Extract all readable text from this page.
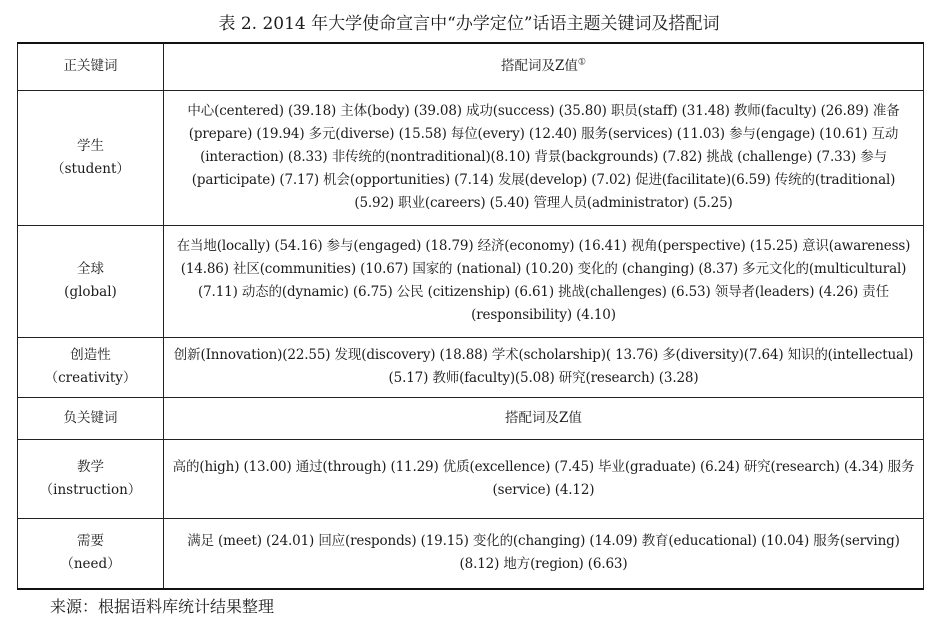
表 2. 2014 年大学使命宣言中“办学定位”话语主题关键词及搭配词
正关键词	搭配词及Z值①

学生
（student）	中心(centered) (39.18) 主体(body) (39.08) 成功(success) (35.80) 职员(staff) (31.48) 教师(faculty) (26.89) 准备(prepare) (19.94) 多元(diverse) (15.58) 每位(every) (12.40) 服务(services) (11.03) 参与(engage) (10.61) 互动(interaction) (8.33) 非传统的(nontraditional)(8.10) 背景(backgrounds) (7.82) 挑战 (challenge) (7.33) 参与(participate) (7.17) 机会(opportunities) (7.14) 发展(develop) (7.02) 促进(facilitate)(6.59) 传统的(traditional) (5.92) 职业(careers) (5.40) 管理人员(administrator) (5.25)

全球
(global)	在当地(locally) (54.16) 参与(engaged) (18.79) 经济(economy) (16.41) 视角(perspective) (15.25) 意识(awareness) (14.86) 社区(communities) (10.67) 国家的 (national) (10.20) 变化的 (changing) (8.37) 多元文化的(multicultural) (7.11) 动态的(dynamic) (6.75) 公民 (citizenship) (6.61) 挑战(challenges) (6.53) 领导者(leaders) (4.26) 责任(responsibility) (4.10)

创造性
（creativity）	创新(Innovation)(22.55) 发现(discovery) (18.88) 学术(scholarship)( 13.76) 多(diversity)(7.64) 知识的(intellectual)(5.17) 教师(faculty)(5.08) 研究(research) (3.28)
负关键词	搭配词及Z值

教学
（instruction）	高的(high) (13.00) 通过(through) (11.29) 优质(excellence) (7.45) 毕业(graduate) (6.24) 研究(research) (4.34) 服务(service) (4.12)

需要
（need）	满足 (meet) (24.01) 回应(responds) (19.15) 变化的(changing) (14.09) 教育(educational) (10.04) 服务(serving) (8.12) 地方(region) (6.63)
来源：根据语料库统计结果整理
